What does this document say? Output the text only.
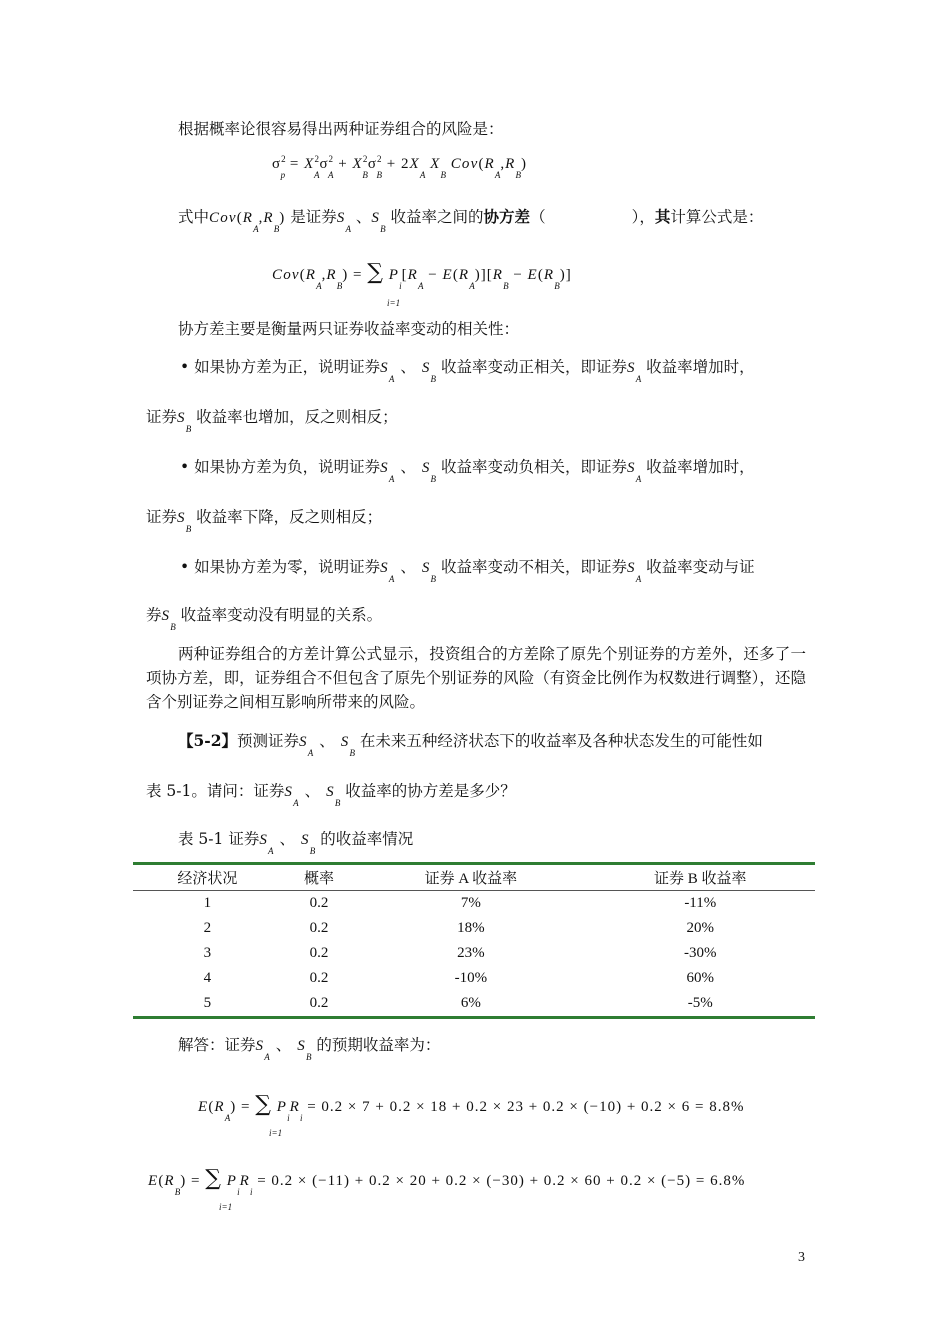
根据概率论很容易得出两种证券组合的风险是：
$\sigma^2_p = X^2_A\sigma^2_A + X^2_B\sigma^2_B + 2X_A$ $X_B$ $Cov(R_A,R_B)$
式中$Cov(R_A,R_B)$ 是证券$S_A$ 、$S_B$ 收益率之间的协方差（	），其计算公式是：
$Cov(R_A,R_B)$ = ∑ $P_i[R_A - E(R_A)][R_B - E(R_B)]$
i=1
协方差主要是衡量两只证券收益率变动的相关性：
• 如果协方差为正，说明证券$S_A$、 $S_B$ 收益率变动正相关，即证券$S_A$ 收益率增加时，
证券$S_B$ 收益率也增加，反之则相反；
• 如果协方差为负，说明证券$S_A$、 $S_B$ 收益率变动负相关，即证券$S_A$ 收益率增加时，
证券$S_B$ 收益率下降，反之则相反；
• 如果协方差为零，说明证券$S_A$、 $S_B$ 收益率变动不相关，即证券$S_A$ 收益率变动与证
券$S_B$ 收益率变动没有明显的关系。
两种证券组合的方差计算公式显示，投资组合的方差除了原先个别证券的方差外，还多了一项协方差，即，证券组合不但包含了原先个别证券的风险（有资金比例作为权数进行调整），还隐含个别证券之间相互影响所带来的风险。
【5-2】预测证券$S_A$、 $S_B$ 在未来五种经济状态下的收益率及各种状态发生的可能性如
表 5-1。请问：证券$S_A$、 $S_B$ 收益率的协方差是多少？
表 5-1 证券$S_A$、 $S_B$ 的收益率情况
经济状况	概率	证券 A 收益率	证券 B 收益率
1	0.2	7%	-11%
2	0.2	18%	20%
3	0.2	23%	-30%
4	0.2	-10%	60%
5	0.2	6%	-5%
解答：证券$S_A$、 $S_B$ 的预期收益率为：
$E(R_A)$ = ∑ $P_iR_i = 0.2 \times 7 + 0.2 \times 18 + 0.2 \times 23 + 0.2 \times (-10) + 0.2 \times 6 = 8.8\%$
i=1
$E(R_B)$ = ∑ $P_iR_i = 0.2 \times (-11) + 0.2 \times 20 + 0.2 \times (-30) + 0.2 \times 60 + 0.2 \times (-5) = 6.8\%$
i=1
3
